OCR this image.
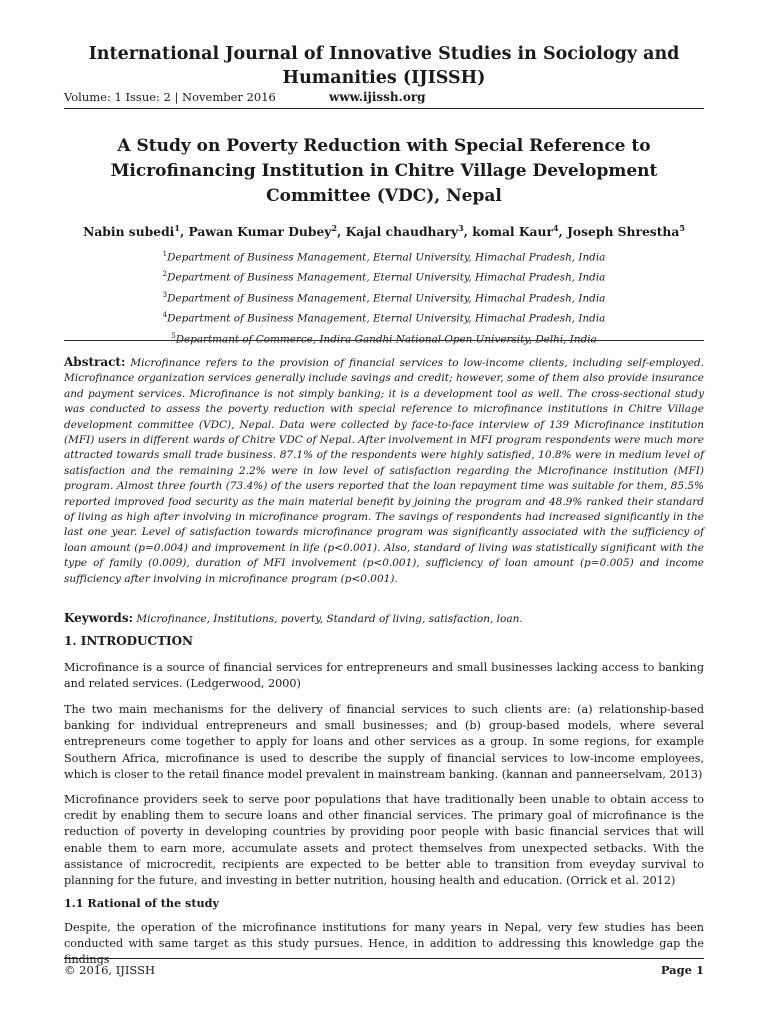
International Journal of Innovative Studies in Sociology and Humanities (IJISSH)
Volume: 1 Issue: 2 | November 2016	www.ijissh.org
A Study on Poverty Reduction with Special Reference to Microfinancing Institution in Chitre Village Development Committee (VDC), Nepal
Nabin subedi$^1$, Pawan Kumar Dubey$^2$, Kajal chaudhary$^3$, komal Kaur$^4$, Joseph Shrestha$^5$
$^1$Department of Business Management, Eternal University, Himachal Pradesh, India
$^2$Department of Business Management, Eternal University, Himachal Pradesh, India
$^3$Department of Business Management, Eternal University, Himachal Pradesh, India
$^4$Department of Business Management, Eternal University, Himachal Pradesh, India
$^5$Departmant of Commerce, Indira Gandhi National Open University, Delhi, India

Abstract: Microfinance refers to the provision of financial services to low-income clients, including self-employed. Microfinance organization services generally include savings and credit; however, some of them also provide insurance and payment services. Microfinance is not simply banking; it is a development tool as well. The cross-sectional study was conducted to assess the poverty reduction with special reference to microfinance institutions in Chitre Village development committee (VDC), Nepal. Data were collected by face-to-face interview of 139 Microfinance institution (MFI) users in different wards of Chitre VDC of Nepal. After involvement in MFI program respondents were much more attracted towards small trade business. 87.1% of the respondents were highly satisfied, 10.8% were in medium level of satisfaction and the remaining 2.2% were in low level of satisfaction regarding the Microfinance institution (MFI) program. Almost three fourth (73.4%) of the users reported that the loan repayment time was suitable for them, 85.5% reported improved food security as the main material benefit by joining the program and 48.9% ranked their standard of living as high after involving in microfinance program. The savings of respondents had increased significantly in the last one year. Level of satisfaction towards microfinance program was significantly associated with the sufficiency of loan amount (p=0.004) and improvement in life (p<0.001). Also, standard of living was statistically significant with the type of family (0.009), duration of MFI involvement (p<0.001), sufficiency of loan amount (p=0.005) and income sufficiency after involving in microfinance program (p<0.001).

Keywords: Microfinance, Institutions, poverty, Standard of living, satisfaction, loan.

1. INTRODUCTION

Microfinance is a source of financial services for entrepreneurs and small businesses lacking access to banking and related services. (Ledgerwood, 2000)

The two main mechanisms for the delivery of financial services to such clients are: (a) relationship-based banking for individual entrepreneurs and small businesses; and (b) group-based models, where several entrepreneurs come together to apply for loans and other services as a group. In some regions, for example Southern Africa, microfinance is used to describe the supply of financial services to low-income employees, which is closer to the retail finance model prevalent in mainstream banking. (kannan and panneerselvam, 2013)

Microfinance providers seek to serve poor populations that have traditionally been unable to obtain access to credit by enabling them to secure loans and other financial services. The primary goal of microfinance is the reduction of poverty in developing countries by providing poor people with basic financial services that will enable them to earn more, accumulate assets and protect themselves from unexpected setbacks. With the assistance of microcredit, recipients are expected to be better able to transition from eveyday survival to planning for the future, and investing in better nutrition, housing health and education. (Orrick et al. 2012)

1.1 Rational of the study

Despite, the operation of the microfinance institutions for many years in Nepal, very few studies has been conducted with same target as this study pursues. Hence, in addition to addressing this knowledge gap the findings

© 2016, IJISSH	Page 1
